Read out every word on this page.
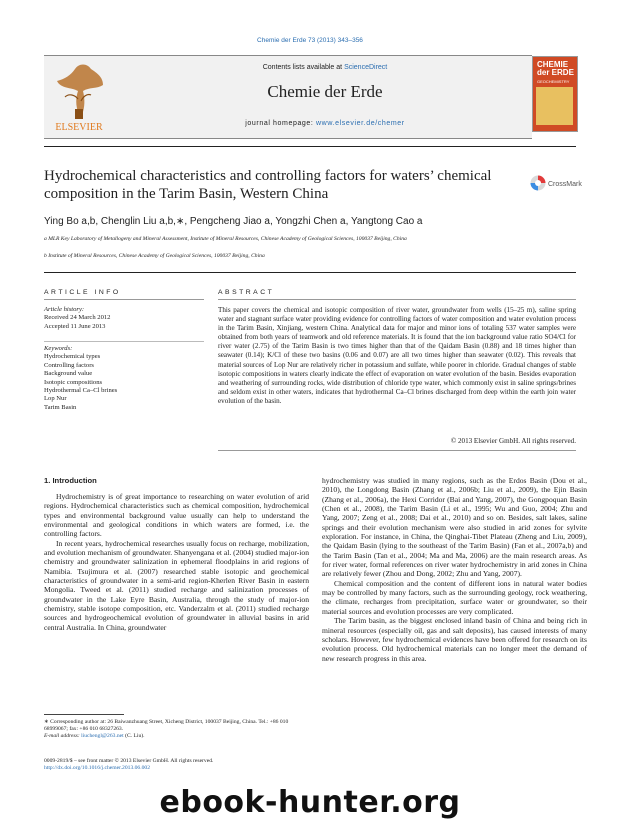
Chemie der Erde 73 (2013) 343–356
ELSEVIER
Contents lists available at ScienceDirect
Chemie der Erde
journal homepage: www.elsevier.de/chemer
CHEMIE der ERDE
GEOCHEMISTRY
Hydrochemical characteristics and controlling factors for waters’ chemical composition in the Tarim Basin, Western China
CrossMark
Ying Bo a,b, Chenglin Liu a,b,∗, Pengcheng Jiao a, Yongzhi Chen a, Yangtong Cao a
a MLR Key Laboratory of Metallogeny and Mineral Assessment, Institute of Mineral Resources, Chinese Academy of Geological Sciences, 100037 Beijing, China
b Institute of Mineral Resources, Chinese Academy of Geological Sciences, 100037 Beijing, China
ARTICLE INFO
Article history:
Received 24 March 2012
Accepted 11 June 2013
Keywords:
Hydrochemical types
Controlling factors
Background value
Isotopic compositions
Hydrothermal Ca–Cl brines
Lop Nur
Tarim Basin
ABSTRACT
This paper covers the chemical and isotopic composition of river water, groundwater from wells (15–25 m), saline spring water and stagnant surface water providing evidence for controlling factors of water composition and water evolution process in the Tarim Basin, Xinjiang, western China. Analytical data for major and minor ions of totaling 537 water samples were obtained from both years of teamwork and old reference materials. It is found that the ion background value ratio SO4/Cl for river water (2.75) of the Tarim Basin is two times higher than that of the Qaidam Basin (0.88) and 18 times higher than seawater (0.14); K/Cl of these two basins (0.06 and 0.07) are all two times higher than seawater (0.02). This reveals that material sources of Lop Nur are relatively richer in potassium and sulfate, while poorer in chloride. Gradual changes of stable isotopic compositions in waters clearly indicate the effect of evaporation on water evolution of the basin. Besides evaporation and weathering of surrounding rocks, wide distribution of chloride type water, which commonly exist in saline springs/brines and seldom exist in other waters, indicates that hydrothermal Ca–Cl brines discharged from deep within the earth join water evolution of the basin.
© 2013 Elsevier GmbH. All rights reserved.
1. Introduction

Hydrochemistry is of great importance to researching on water evolution of arid regions. Hydrochemical characteristics such as chemical composition, hydrochemical types and environmental background value usually can help to understand the environmental and geological conditions in which waters are formed, i.e. the controlling factors.

In recent years, hydrochemical researches usually focus on recharge, mobilization, and evolution mechanism of groundwater. Shanyengana et al. (2004) studied major-ion chemistry and groundwater salinization in ephemeral floodplains in arid regions of Namibia. Tsujimura et al. (2007) researched stable isotopic and geochemical characteristics of groundwater in a semi-arid region-Kherlen River Basin in eastern Mongolia. Tweed et al. (2011) studied recharge and salinization processes of groundwater in the Lake Eyre Basin, Australia, through the study of major-ion chemistry, stable isotope composition, etc. Vanderzalm et al. (2011) studied recharge sources and hydrogeochemical evolution of groundwater in alluvial basins in arid central Australia. In China, groundwater

hydrochemistry was studied in many regions, such as the Erdos Basin (Dou et al., 2010), the Longdong Basin (Zhang et al., 2006b; Liu et al., 2009), the Ejin Basin (Zhang et al., 2006a), the Hexi Corridor (Bai and Yang, 2007), the Gongpoquan Basin (Chen et al., 2008), the Tarim Basin (Li et al., 1995; Wu and Guo, 2004; Zhu and Yang, 2007; Zeng et al., 2008; Dai et al., 2010) and so on. Besides, salt lakes, saline springs and their evolution mechanism were also studied in arid zones for sylvite exploration. For instance, in China, the Qinghai-Tibet Plateau (Zheng and Liu, 2009), the Qaidam Basin (lying to the southeast of the Tarim Basin) (Fan et al., 2007a,b) and the Tarim Basin (Tan et al., 2004; Ma and Ma, 2006) are the main research areas. As for river water, formal references on river water hydrochemistry in arid zones in China are relatively fewer (Zhou and Dong, 2002; Zhu and Yang, 2007).

Chemical composition and the content of different ions in natural water bodies may be controlled by many factors, such as the surrounding geology, rock weathering, the climate, recharges from precipitation, surface water or groundwater, so their material sources and evolution processes are very complicated.

The Tarim basin, as the biggest enclosed inland basin of China and being rich in mineral resources (especially oil, gas and salt deposits), has caused interests of many scholars. However, few hydrochemical evidences have been offered for research on its evolution process. Old hydrochemical materials can no longer meet the demand of new research progress in this area.

∗ Corresponding author at: 26 Baiwanzhuang Street, Xicheng District, 100037 Beijing, China. Tel.: +86 010 68999067; fax: +86 010 68327263.
E-mail address: liuchengl@263.net (C. Liu).
0009-2819/$ – see front matter © 2013 Elsevier GmbH. All rights reserved.
http://dx.doi.org/10.1016/j.chemer.2013.06.002
ebook-hunter.org
